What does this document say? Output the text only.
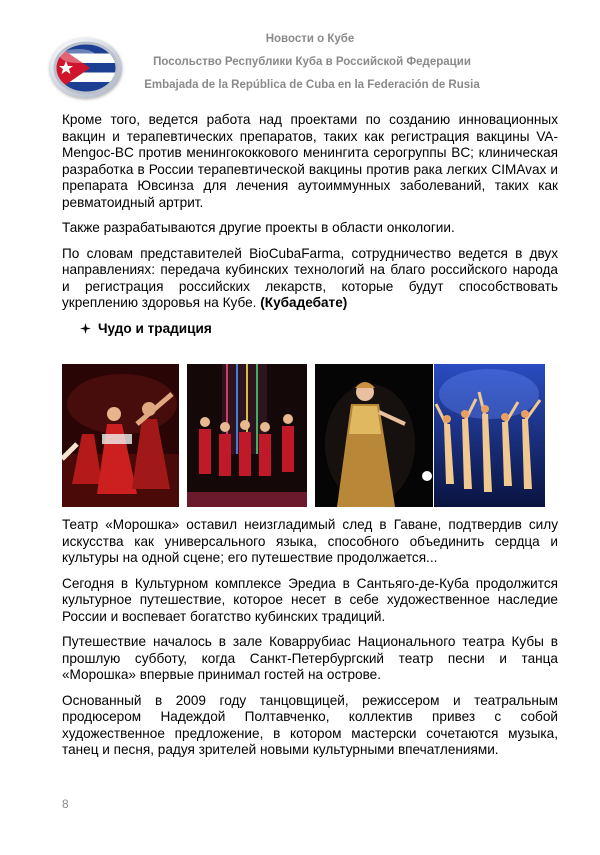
Новости о Кубе
Посольство Республики Куба в Российской Федерации
Embajada de la República de Cuba en la Federación de Rusia

Кроме того, ведется работа над проектами по созданию инновационных вакцин и терапевтических препаратов, таких как регистрация вакцины VA-Mengoc-BC против менингококкового менингита серогруппы BC; клиническая разработка в России терапевтической вакцины против рака легких CIMAvax и препарата Ювсинза для лечения аутоиммунных заболеваний, таких как ревматоидный артрит.

Также разрабатываются другие проекты в области онкологии.

По словам представителей BioCubaFarma, сотрудничество ведется в двух направлениях: передача кубинских технологий на благо российского народа и регистрация российских лекарств, которые будут способствовать укреплению здоровья на Кубе. (Кубадебате)

Чудо и традиция

Театр «Морошка» оставил неизгладимый след в Гаване, подтвердив силу искусства как универсального языка, способного объединить сердца и культуры на одной сцене; его путешествие продолжается...

Сегодня в Культурном комплексе Эредиа в Сантьяго-де-Куба продолжится культурное путешествие, которое несет в себе художественное наследие России и воспевает богатство кубинских традиций.

Путешествие началось в зале Коваррубиас Национального театра Кубы в прошлую субботу, когда Санкт-Петербургский театр песни и танца «Морошка» впервые принимал гостей на острове.

Основанный в 2009 году танцовщицей, режиссером и театральным продюсером Надеждой Полтавченко, коллектив привез с собой художественное предложение, в котором мастерски сочетаются музыка, танец и песня, радуя зрителей новыми культурными впечатлениями.

8
